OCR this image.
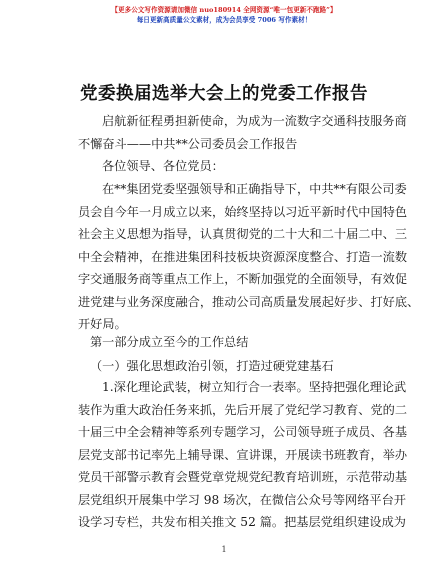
【更多公文写作资源请加微信 nuo180914 全网资源“唯一包更新不跑路”】
每日更新高质量公文素材，成为会员享受 7006 写作素材！
党委换届选举大会上的党委工作报告
启航新征程勇担新使命，为成为一流数字交通科技服务商
不懈奋斗——中共**公司委员会工作报告
各位领导、各位党员：
在**集团党委坚强领导和正确指导下，中共**有限公司委
员会自今年一月成立以来，始终坚持以习近平新时代中国特色
社会主义思想为指导，认真贯彻党的二十大和二十届二中、三
中全会精神，在推进集团科技板块资源深度整合、打造一流数
字交通服务商等重点工作上，不断加强党的全面领导，有效促
进党建与业务深度融合，推动公司高质量发展起好步、打好底、
开好局。
第一部分成立至今的工作总结
（一）强化思想政治引领，打造过硬党建基石
1.深化理论武装，树立知行合一表率。坚持把强化理论武
装作为重大政治任务来抓，先后开展了党纪学习教育、党的二
十届三中全会精神等系列专题学习，公司领导班子成员、各基
层党支部书记率先上辅导课、宣讲课，开展读书班教育，举办
党员干部警示教育会暨党章党规党纪教育培训班，示范带动基
层党组织开展集中学习 98 场次，在微信公众号等网络平台开
设学习专栏，共发布相关推文 52 篇。把基层党组织建设成为
1
